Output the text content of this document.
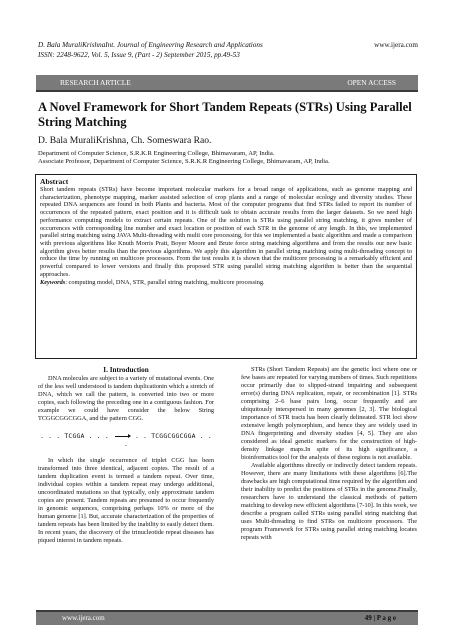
D. Bala MuraliKrishnaInt. Journal of Engineering Research and Applications	www.ijera.com
ISSN: 2248-9622, Vol. 5, Issue 9, (Part - 2) September 2015, pp.49-53
RESEARCH ARTICLE	OPEN ACCESS
A Novel Framework for Short Tandem Repeats (STRs) Using Parallel String Matching
D. Bala MuraliKrishna, Ch. Someswara Rao.
Department of Computer Science, S.R.K.R Engineering College, Bhimavaram, AP, India.
Associate Professor, Department of Computer Science, S.R.K.R Engineering College, Bhimavaram, AP, India.
Abstract

Short tandem repeats (STRs) have become important molecular markers for a broad range of applications, such as genome mapping and characterization, phenotype mapping, marker assisted selection of crop plants and a range of molecular ecology and diversity studies. These repeated DNA sequences are found in both Plants and bacteria. Most of the computer programs that find STRs failed to report its number of occurrences of the repeated pattern, exact position and it is difficult task to obtain accurate results from the larger datasets. So we need high performance computing models to extract certain repeats. One of the solution is STRs using parallel string matching, it gives number of occurrences with corresponding line number and exact location or position of each STR in the genome of any length. In this, we implemented parallel string matching using JAVA Multi-threading with multi core processing, for this we implemented a basic algorithm and made a comparison with previous algorithms like Knuth Morris Pratt, Boyer Moore and Brute force string matching algorithms and from the results our new basic algorithm gives better results than the previous algorithms. We apply this algorithm in parallel string matching using multi-threading concept to reduce the time by running on multicore processors. From the test results it is shown that the multicore processing is a remarkably efficient and powerful compared to lower versions and finally this proposed STR using parallel string matching algorithm is better than the sequential approaches.

Keywords: computing model, DNA, STR, parallel string matching, multicore processing.
I. Introduction

DNA molecules are subject to a variety of mutational events. One of the less well understood is tandem duplicationin which a stretch of DNA, which we call the pattern, is converted into two or more copies, each following the preceding one in a contiguous fashion. For example we could have consider the below String TCGGCGGCGGA, and the pattern CGG.

. . . TCGGA . . .	. . TCGGCGGCGGA . . .

In which the single occurrence of triplet CGG has been transformed into three identical, adjacent copies. The result of a tandem duplication event is termed a tandem repeat. Over time, individual copies within a tandem repeat may undergo additional, uncoordinated mutations so that typically, only approximate tandem copies are present. Tandem repeats are presumed to occur frequently in genomic sequences, comprising perhaps 10% or more of the human genome [1]. But, accurate characterization of the properties of tandem repeats has been limited by the inability to easily detect them. In recent years, the discovery of the trinucleotide repeat diseases has piqued interest in tandem repeats.

STRs (Short Tandem Repeats) are the genetic loci where one or few bases are repeated for varying numbers of times. Such repetitions occur primarily due to slipped-strand impairing and subsequent error(s) during DNA replication, repair, or recombination [1]. STRs comprising 2–6 base pairs long, occur frequently and are ubiquitously interspersed in many genomes [2, 3]. The biological importance of STR tracts has been clearly delineated. STR loci show extensive length polymorphism, and hence they are widely used in DNA fingerprinting and diversity studies [4, 5]. They are also considered as ideal genetic markers for the construction of high-density linkage maps.In spite of its high significance, a bioinformatics tool for the analysis of these regions is not available.

Available algorithms directly or indirectly detect tandem repeats. However, there are many limitations with these algorithms [6].The drawbacks are high computational time required by the algorithm and their inability to predict the positions of STRs in the genome.Finally, researchers have to understand the classical methods of pattern matching to develop new efficient algorithms [7-10]. In this work, we describe a program called STRs using parallel string matching that uses Multi-threading to find STRs on multicore processors. The program Framework for STRs using parallel string matching locates repeats with

www.ijera.com	49 | P a g e
